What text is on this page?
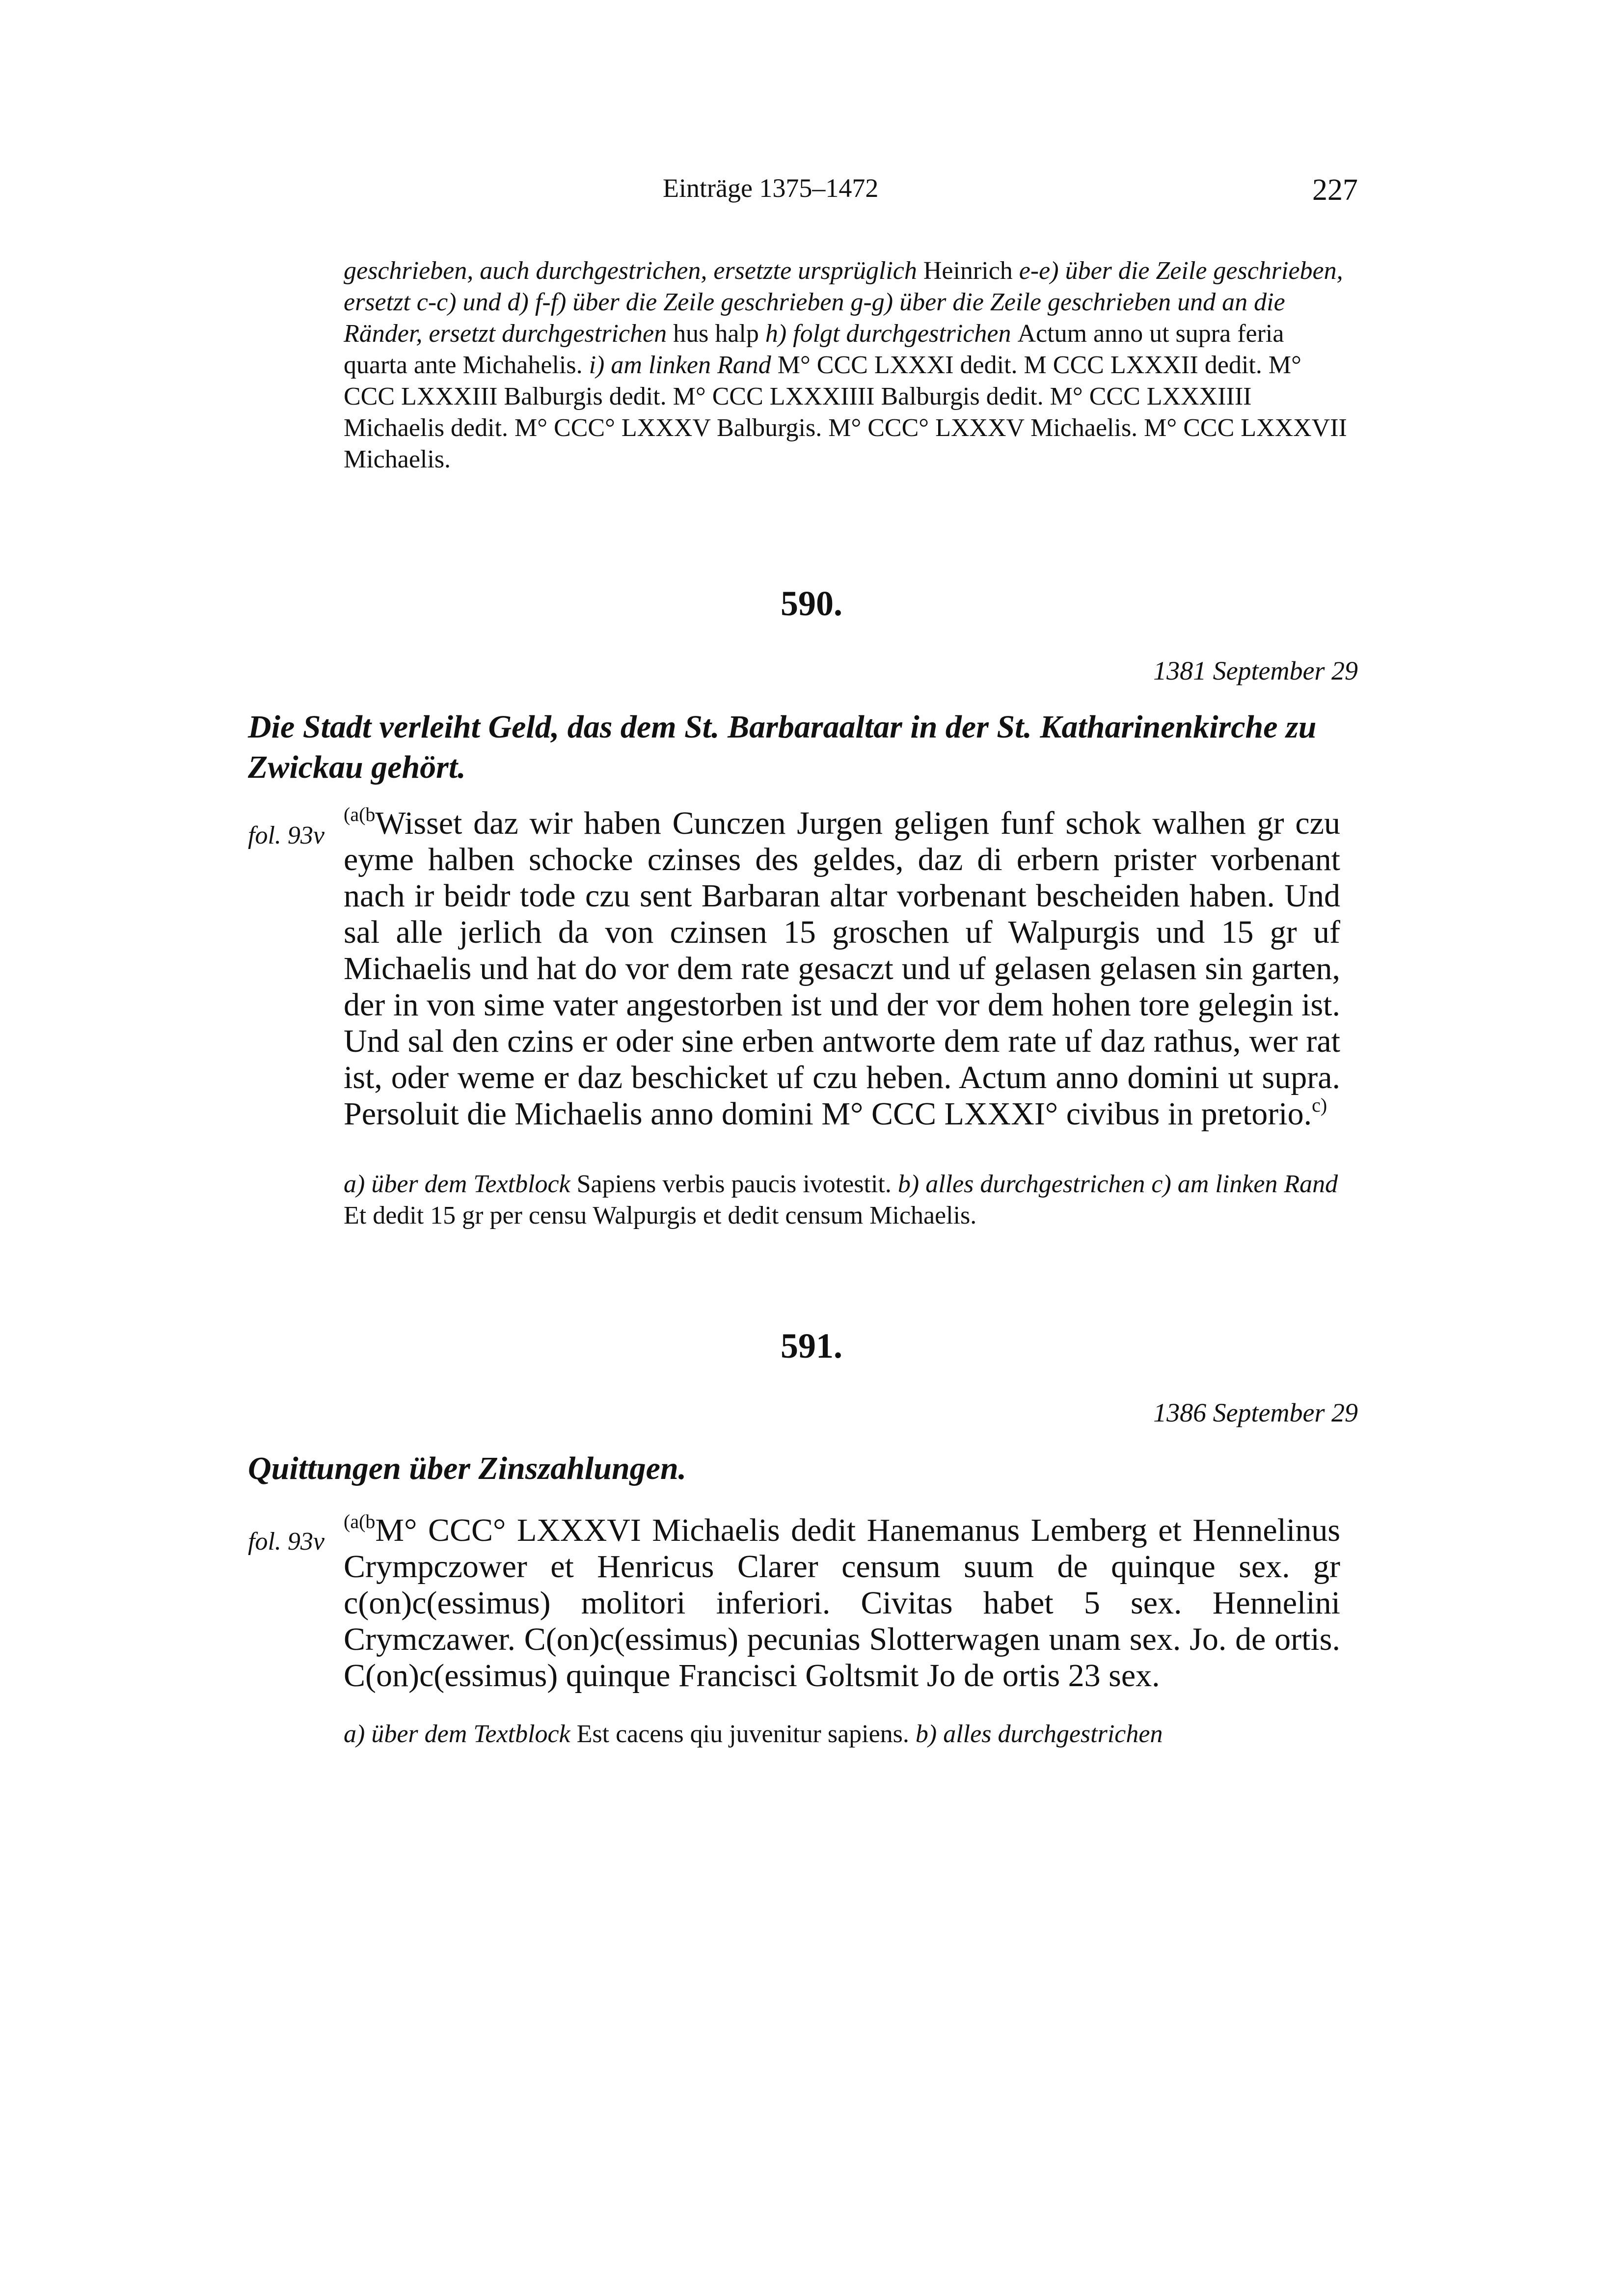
Einträge 1375–1472	227
geschrieben, auch durchgestrichen, ersetzte ursprüglich Heinrich e-e) über die Zeile geschrieben, ersetzt c-c) und d) f-f) über die Zeile geschrieben g-g) über die Zeile geschrieben und an die Ränder, ersetzt durchgestrichen hus halp h) folgt durchgestrichen Actum anno ut supra feria quarta ante Michahelis. i) am linken Rand M° CCC LXXXI dedit. M CCC LXXXII dedit. M° CCC LXXXIII Balburgis dedit. M° CCC LXXXIIII Balburgis dedit. M° CCC LXXXIIII Michaelis dedit. M° CCC° LXXXV Balburgis. M° CCC° LXXXV Michaelis. M° CCC LXXXVII Michaelis.
590.
1381 September 29
Die Stadt verleiht Geld, das dem St. Barbaraaltar in der St. Katharinenkirche zu Zwickau gehört.
fol. 93v
$^{(a(b}$Wisset daz wir haben Cunczen Jurgen geligen funf schok walhen gr czu eyme halben schocke czinses des geldes, daz di erbern prister vorbenant nach ir beidr tode czu sent Barbaran altar vorbenant bescheiden haben. Und sal alle jerlich da von czinsen 15 groschen uf Walpurgis und 15 gr uf Michaelis und hat do vor dem rate gesaczt und uf gelasen gelasen sin garten, der in von sime vater angestorben ist und der vor dem hohen tore gelegin ist. Und sal den czins er oder sine erben antworte dem rate uf daz rathus, wer rat ist, oder weme er daz beschicket uf czu heben. Actum anno domini ut supra. Persoluit die Michaelis anno domini M° CCC LXXXI° civibus in pretorio.$^{c)}$
a) über dem Textblock Sapiens verbis paucis ivotestit. b) alles durchgestrichen c) am linken Rand Et dedit 15 gr per censu Walpurgis et dedit censum Michaelis.
591.
1386 September 29
Quittungen über Zinszahlungen.
fol. 93v
$^{(a(b}$M° CCC° LXXXVI Michaelis dedit Hanemanus Lemberg et Hennelinus Crympczower et Henricus Clarer censum suum de quinque sex. gr c(on)c(essimus) molitori inferiori. Civitas habet 5 sex. Hennelini Crymczawer. C(on)c(essimus) pecunias Slotterwagen unam sex. Jo. de ortis. C(on)c(essimus) quinque Francisci Goltsmit Jo de ortis 23 sex.
a) über dem Textblock Est cacens qiu juvenitur sapiens. b) alles durchgestrichen
